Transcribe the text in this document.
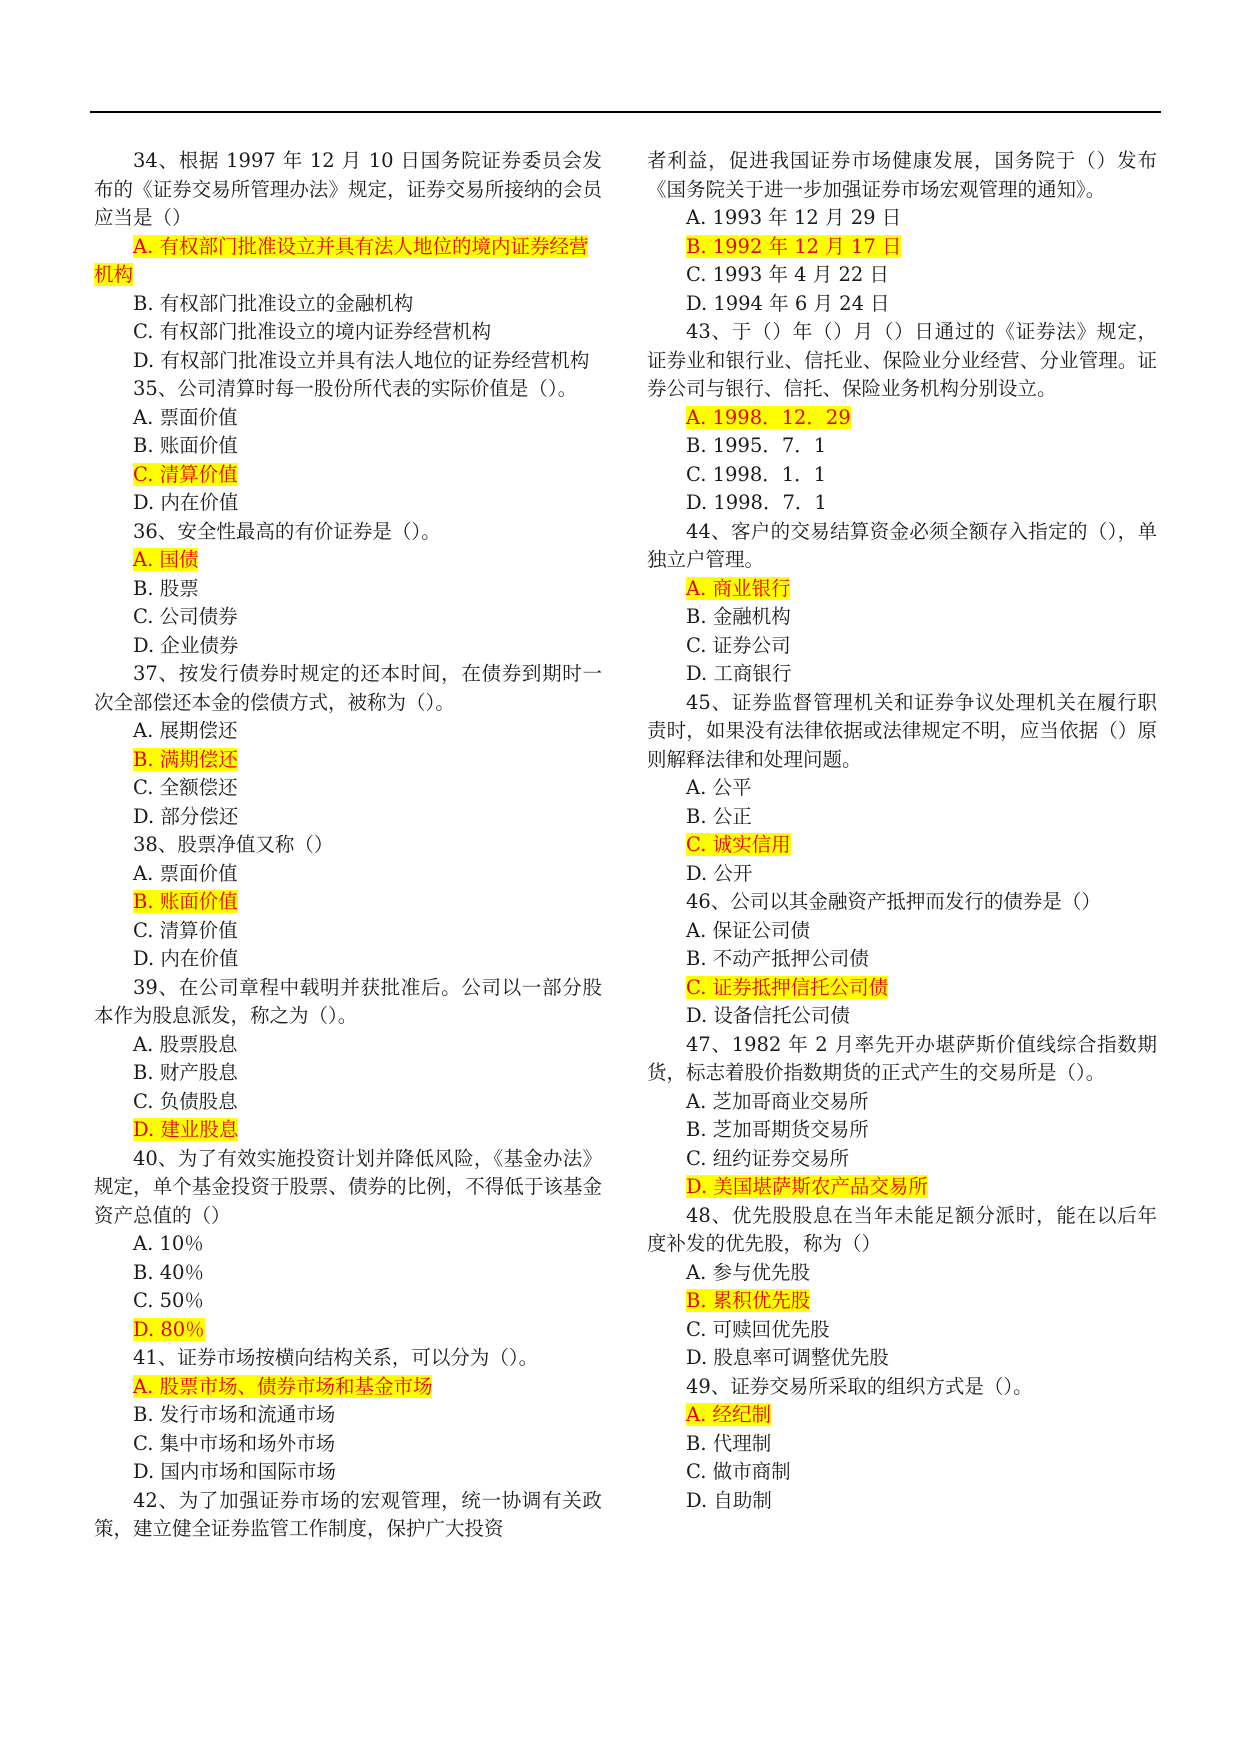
34、根据 1997 年 12 月 10 日国务院证券委员会发布的《证券交易所管理办法》规定，证券交易所接纳的会员应当是（）

A. 有权部门批准设立并具有法人地位的境内证券经营机构

B. 有权部门批准设立的金融机构

C. 有权部门批准设立的境内证券经营机构

D. 有权部门批准设立并具有法人地位的证券经营机构

35、公司清算时每一股份所代表的实际价值是（）。

A. 票面价值

B. 账面价值

C. 清算价值

D. 内在价值

36、安全性最高的有价证券是（）。

A. 国债

B. 股票

C. 公司债券

D. 企业债券

37、按发行债券时规定的还本时间，在债券到期时一次全部偿还本金的偿债方式，被称为（）。

A. 展期偿还

B. 满期偿还

C. 全额偿还

D. 部分偿还

38、股票净值又称（）

A. 票面价值

B. 账面价值

C. 清算价值

D. 内在价值

39、在公司章程中载明并获批准后。公司以一部分股本作为股息派发，称之为（）。

A. 股票股息

B. 财产股息

C. 负债股息

D. 建业股息

40、为了有效实施投资计划并降低风险，《基金办法》规定，单个基金投资于股票、债券的比例，不得低于该基金资产总值的（）

A. 10％

B. 40％

C. 50％

D. 80％

41、证券市场按横向结构关系，可以分为（）。

A. 股票市场、债券市场和基金市场

B. 发行市场和流通市场

C. 集中市场和场外市场

D. 国内市场和国际市场

42、为了加强证券市场的宏观管理，统一协调有关政策，建立健全证券监管工作制度，保护广大投资

者利益，促进我国证券市场健康发展，国务院于（）发布《国务院关于进一步加强证券市场宏观管理的通知》。

A. 1993 年 12 月 29 日

B. 1992 年 12 月 17 日

C. 1993 年 4 月 22 日

D. 1994 年 6 月 24 日

43、于（）年（）月（）日通过的《证券法》规定，证券业和银行业、信托业、保险业分业经营、分业管理。证券公司与银行、信托、保险业务机构分别设立。

A. 1998．12．29

B. 1995．7．1

C. 1998．1．1

D. 1998．7．1

44、客户的交易结算资金必须全额存入指定的（），单独立户管理。

A. 商业银行

B. 金融机构

C. 证券公司

D. 工商银行

45、证券监督管理机关和证券争议处理机关在履行职责时，如果没有法律依据或法律规定不明，应当依据（）原则解释法律和处理问题。

A. 公平

B. 公正

C. 诚实信用

D. 公开

46、公司以其金融资产抵押而发行的债券是（）

A. 保证公司债

B. 不动产抵押公司债

C. 证券抵押信托公司债

D. 设备信托公司债

47、1982 年 2 月率先开办堪萨斯价值线综合指数期货，标志着股价指数期货的正式产生的交易所是（）。

A. 芝加哥商业交易所

B. 芝加哥期货交易所

C. 纽约证券交易所

D. 美国堪萨斯农产品交易所

48、优先股股息在当年未能足额分派时，能在以后年度补发的优先股，称为（）

A. 参与优先股

B. 累积优先股

C. 可赎回优先股

D. 股息率可调整优先股

49、证券交易所采取的组织方式是（）。

A. 经纪制

B. 代理制

C. 做市商制

D. 自助制
